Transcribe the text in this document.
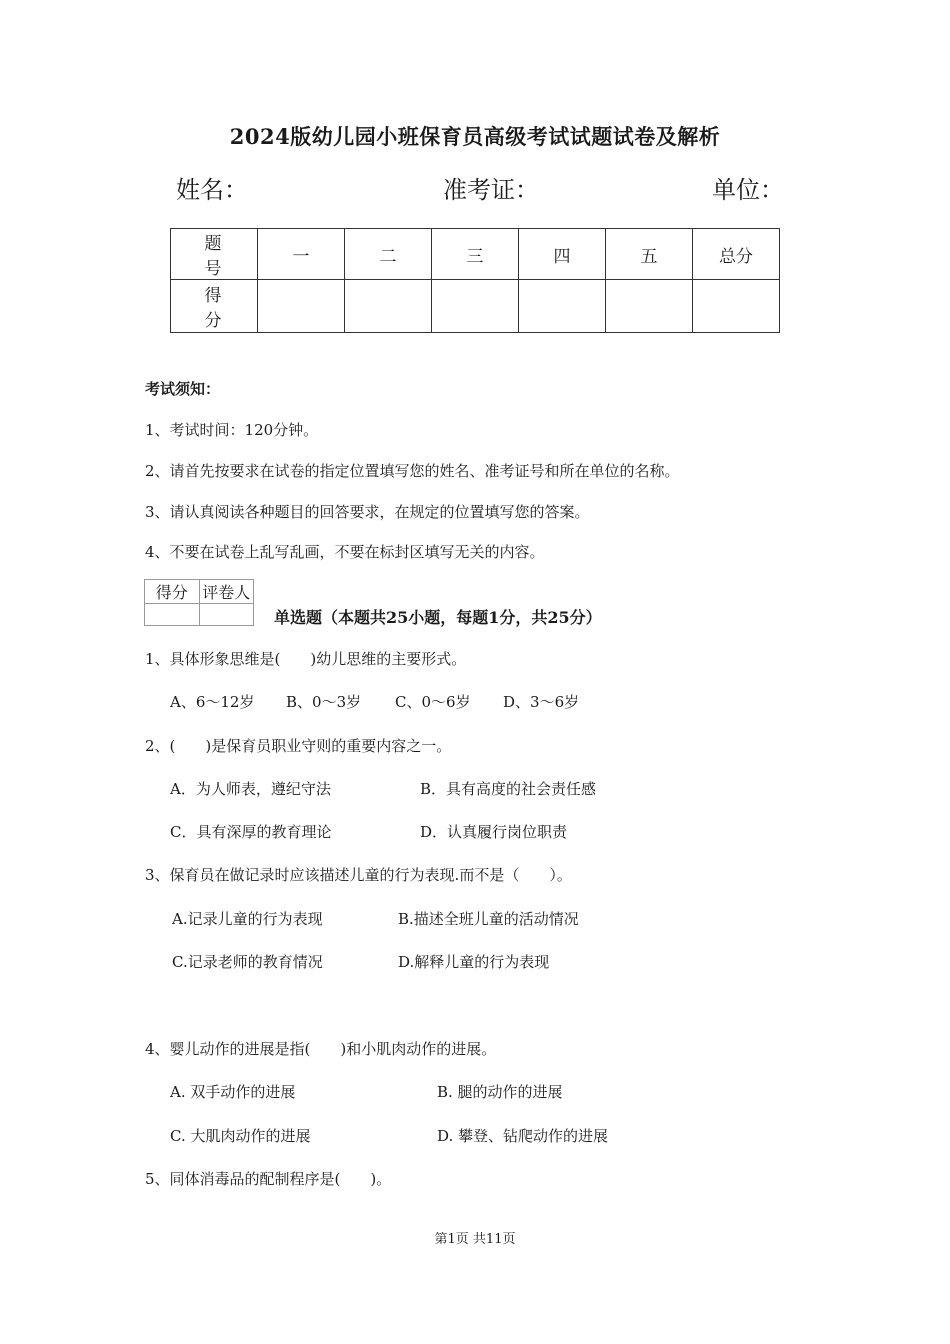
2024版幼儿园小班保育员高级考试试题试卷及解析
姓名：	准考证：	单位：
题　号	一	二	三	四	五	总分
得　分						
考试须知：
1、考试时间：120分钟。
2、请首先按要求在试卷的指定位置填写您的姓名、准考证号和所在单位的名称。
3、请认真阅读各种题目的回答要求，在规定的位置填写您的答案。
4、不要在试卷上乱写乱画，不要在标封区填写无关的内容。
得分	评卷人

单选题（本题共25小题，每题1分，共25分）
1、具体形象思维是(　　)幼儿思维的主要形式。
A、6～12岁 B、0～3岁 C、0～6岁 D、3～6岁
2、(　　)是保育员职业守则的重要内容之一。
A．为人师表，遵纪守法	B．具有高度的社会责任感
C．具有深厚的教育理论	D．认真履行岗位职责
3、保育员在做记录时应该描述儿童的行为表现.而不是（　　）。
A.记录儿童的行为表现	B.描述全班儿童的活动情况
C.记录老师的教育情况	D.解释儿童的行为表现
4、婴儿动作的进展是指(　　)和小肌肉动作的进展。
A. 双手动作的进展	B. 腿的动作的进展
C. 大肌肉动作的进展	D. 攀登、钻爬动作的进展
5、同体消毒品的配制程序是(　　)。
第1页 共11页
